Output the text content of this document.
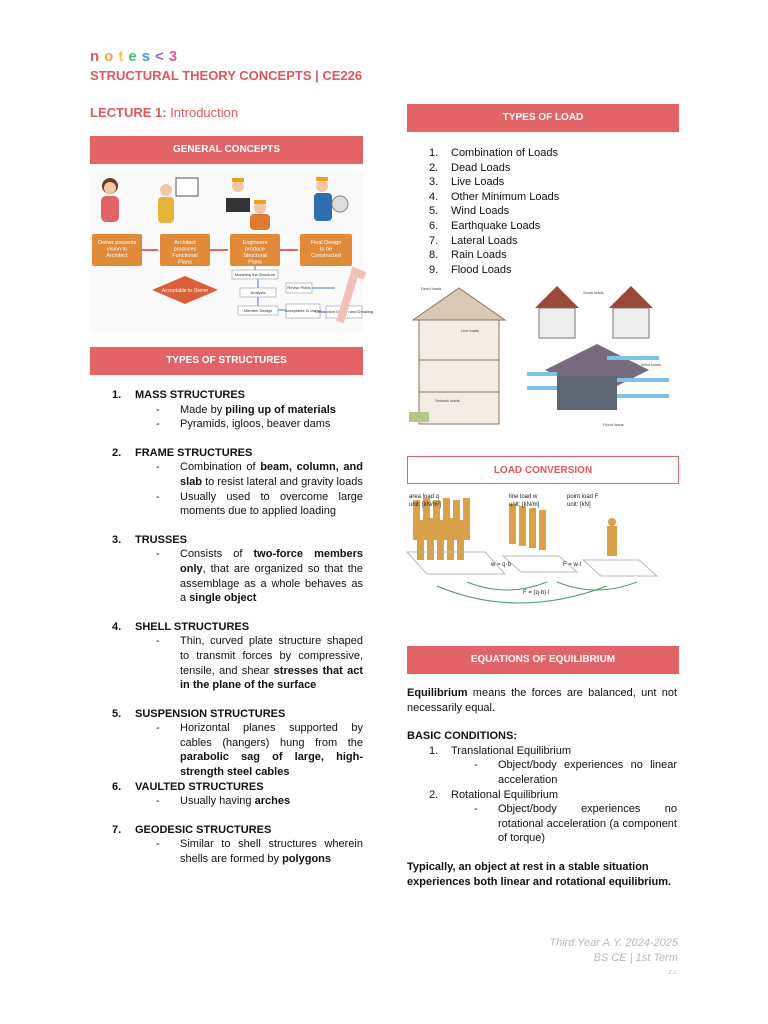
notes<3
STRUCTURAL THEORY CONCEPTS | CE226
LECTURE 1: Introduction
GENERAL CONCEPTS
Owner presents vision to Architect
Architect produces Functional Plans
Engineers produce Structural Plans
Final Design to be Constructed
Acceptable to Owner
Modeling the Structure
Analysis
Member Design
Revise Plans
Acceptable to owner
Connection Design and Detailing
TYPES OF STRUCTURES
1.	MASS STRUCTURES
-	Made by piling up of materials
-	Pyramids, igloos, beaver dams
2.	FRAME STRUCTURES
-	Combination of beam, column, and slab to resist lateral and gravity loads
-	Usually used to overcome large moments due to applied loading
3.	TRUSSES
-	Consists of two-force members only, that are organized so that the assemblage as a whole behaves as a single object
4.	SHELL STRUCTURES
-	Thin, curved plate structure shaped to transmit forces by compressive, tensile, and shear stresses that act in the plane of the surface
5.	SUSPENSION STRUCTURES
-	Horizontal planes supported by cables (hangers) hung from the parabolic sag of large, high-strength steel cables
6.	VAULTED STRUCTURES
-	Usually having arches
7.	GEODESIC STRUCTURES
-	Similar to shell structures wherein shells are formed by polygons
TYPES OF LOAD
1.	Combination of Loads
2.	Dead Loads
3.	Live Loads
4.	Other Minimum Loads
5.	Wind Loads
6.	Earthquake Loads
7.	Lateral Loads
8.	Rain Loads
9.	Flood Loads
Dead loads
Live loads
Snow loads
Wind loads
Flood loads
Seismic loads
LOAD CONVERSION
area load q	line load w	point load F
unit: [kN/m²]	unit: [kN/m]	unit: [kN]
w = q·b	F = w·l
F = (q·b)·l
EQUATIONS OF EQUILIBRIUM

Equilibrium means the forces are balanced, unt not necessarily equal.

BASIC CONDITIONS:
1.	Translational Equilibrium
-	Object/body experiences no linear acceleration
2.	Rotational Equilibrium
-	Object/body experiences no rotational acceleration (a component of torque)
Typically, an object at rest in a stable situation experiences both linear and rotational equilibrium.
Third Year A.Y. 2024-2025
BS CE | 1st Term
z.c.
